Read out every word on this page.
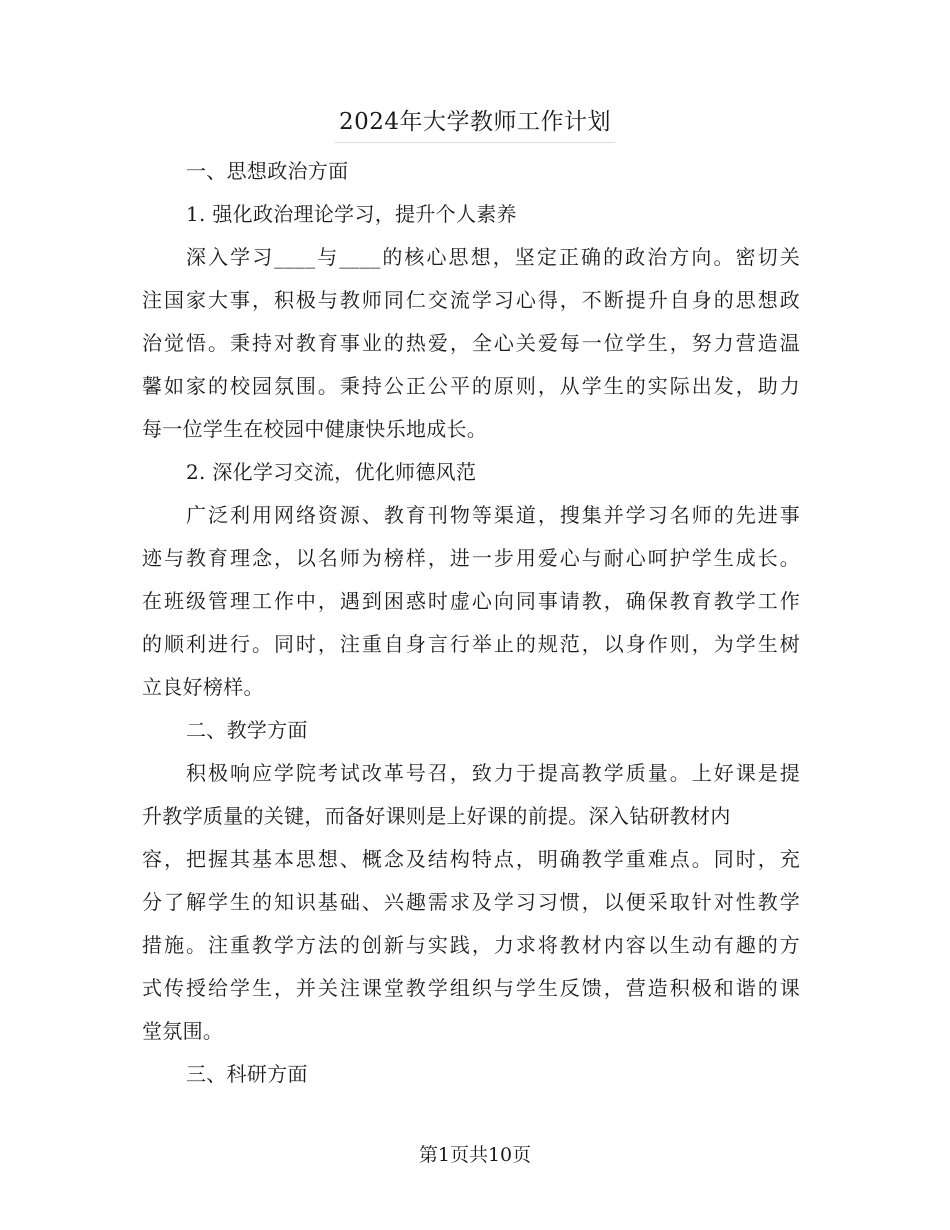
2024年大学教师工作计划
一、思想政治方面
1. 强化政治理论学习，提升个人素养
深入学习____与____的核心思想，坚定正确的政治方向。密切关
注国家大事，积极与教师同仁交流学习心得，不断提升自身的思想政
治觉悟。秉持对教育事业的热爱，全心关爱每一位学生，努力营造温
馨如家的校园氛围。秉持公正公平的原则，从学生的实际出发，助力
每一位学生在校园中健康快乐地成长。
2. 深化学习交流，优化师德风范
广泛利用网络资源、教育刊物等渠道，搜集并学习名师的先进事
迹与教育理念，以名师为榜样，进一步用爱心与耐心呵护学生成长。
在班级管理工作中，遇到困惑时虚心向同事请教，确保教育教学工作
的顺利进行。同时，注重自身言行举止的规范，以身作则，为学生树
立良好榜样。
二、教学方面
积极响应学院考试改革号召，致力于提高教学质量。上好课是提
升教学质量的关键，而备好课则是上好课的前提。深入钻研教材内
容，把握其基本思想、概念及结构特点，明确教学重难点。同时，充
分了解学生的知识基础、兴趣需求及学习习惯，以便采取针对性教学
措施。注重教学方法的创新与实践，力求将教材内容以生动有趣的方
式传授给学生，并关注课堂教学组织与学生反馈，营造积极和谐的课
堂氛围。
三、科研方面
第1页共10页
